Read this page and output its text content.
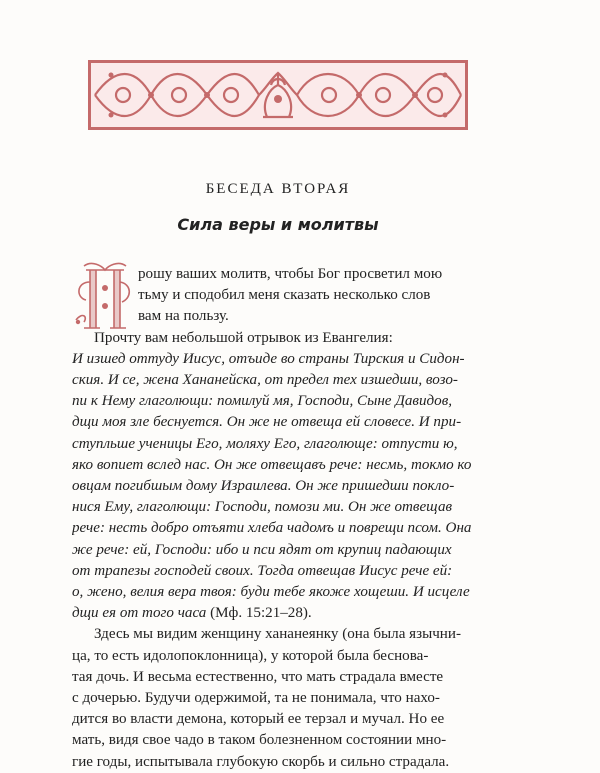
БЕСЕДА ВТОРАЯ
Сила веры и молитвы
рошу ваших молитв, чтобы Бог просветил мою
тьму и сподобил меня сказать несколько слов
вам на пользу.
Прочту вам небольшой отрывок из Евангелия:
И изшед оттуду Иисус, отъиде во страны Тирския и Сидон-
ския. И се, жена Хананейска, от предел тех изшедши, возо-
пи к Нему глаголющи: помилуй мя, Господи, Сыне Давидов,
дщи моя зле беснуется. Он же не отвеща ей словесе. И при-
ступльше ученицы Его, моляху Его, глаголюще: отпусти ю,
яко вопиет вслед нас. Он же отвещавъ рече: несмь, токмо ко
овцам погибшым дому Израилева. Он же пришедши покло-
нися Ему, глаголющи: Господи, помози ми. Он же отвещав
рече: несть добро отъяти хлеба чадомъ и поврещи псом. Она
же рече: ей, Господи: ибо и пси ядят от крупиц падающих
от трапезы господей своих. Тогда отвещав Иисус рече ей:
о, жено, велия вера твоя: буди тебе якоже хощеши. И исцеле
дщи ея от того часа (Мф. 15:21–28).
Здесь мы видим женщину хананеянку (она была язычни-
ца, то есть идолопоклонница), у которой была беснова-
тая дочь. И весьма естественно, что мать страдала вместе
с дочерью. Будучи одержимой, та не понимала, что нахо-
дится во власти демона, который ее терзал и мучал. Но ее
мать, видя свое чадо в таком болезненном состоянии мно-
гие годы, испытывала глубокую скорбь и сильно страдала.
